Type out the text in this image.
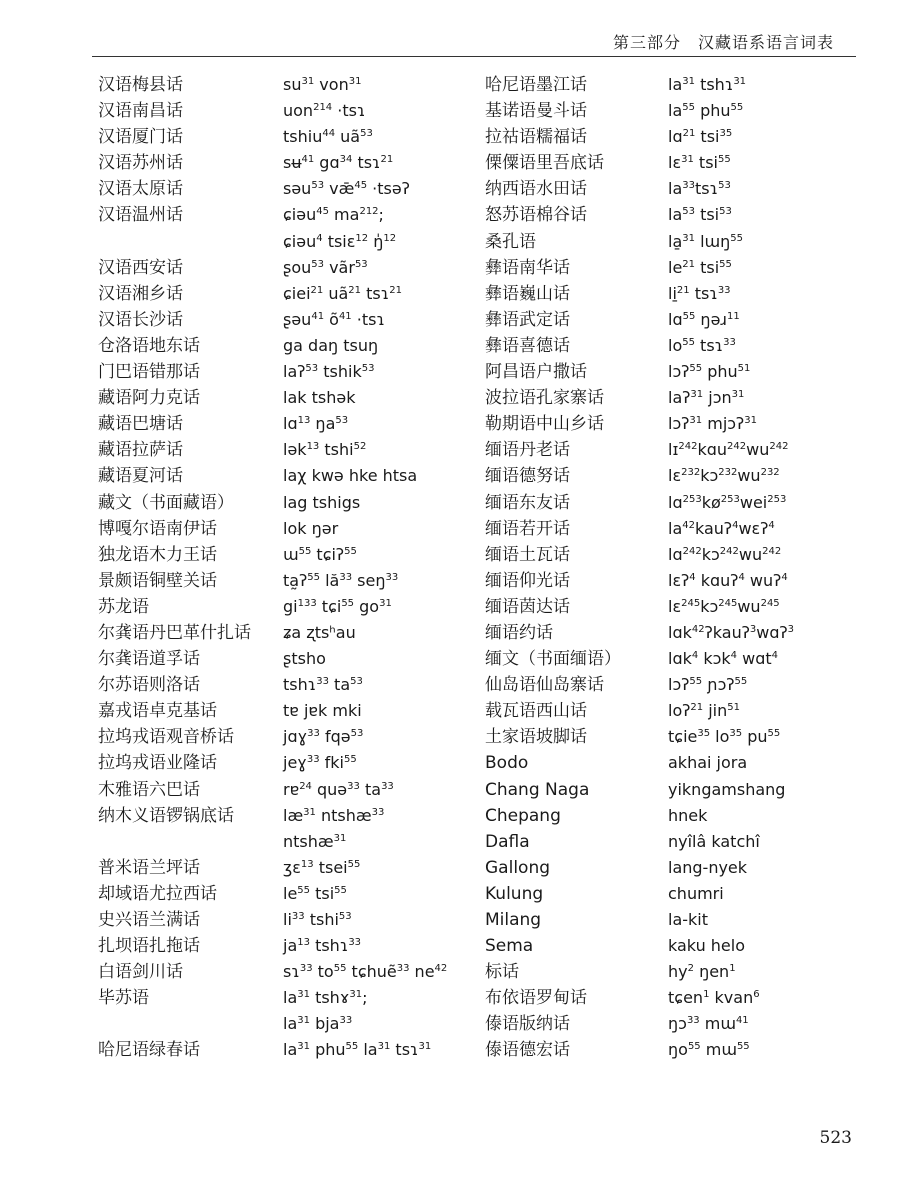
第三部分　汉藏语系语言词表
汉语梅县话
汉语南昌话
汉语厦门话
汉语苏州话
汉语太原话
汉语温州话
汉语西安话
汉语湘乡话
汉语长沙话
仓洛语地东话
门巴语错那话
藏语阿力克话
藏语巴塘话
藏语拉萨话
藏语夏河话
藏文（书面藏语）
博嘎尔语南伊话
独龙语木力王话
景颇语铜壁关话
苏龙语
尔龚语丹巴革什扎话
尔龚语道孚话
尔苏语则洛话
嘉戎语卓克基话
拉坞戎语观音桥话
拉坞戎语业隆话
木雅语六巴话
纳木义语锣锅底话
普米语兰坪话
却域语尤拉西话
史兴语兰满话
扎坝语扎拖话
白语剑川话
毕苏语
哈尼语绿春话
$su^{31}$ von$^{31}$
uon$^{214}$ ·tsɿ
tshiu$^{44}$ $uã^{53}$
sʉ$^{41}$ gɑ$^{34}$ tsɿ$^{21}$
səu$^{53}$ $vǣ^{45}$ ·tsəʔ
ɕiəu$^{45}$ $ma^{212}$;
ɕiəu$^4$ tsiɛ$^{12}$ ŋ̍$^{12}$
ʂou$^{53}$ vãr$^{53}$
ɕiei$^{21}$ $uã^{21}$ tsɿ$^{21}$
ʂəu$^{41}$ $õ^{41}$ ·tsɿ
ga daŋ tsuŋ
laʔ$^{53}$ tshik$^{53}$
lak tshək
lɑ$^{13}$ $ŋa^{53}$
lək$^{13}$ tshi$^{52}$
laχ kwə hke htsa
lag tshigs
lok ŋər
ɯ$^{55}$ tɕiʔ$^{55}$
ta̰ʔ$^{55}$ $lă^{33}$ seŋ$^{33}$
$gi^{133}$ tɕi$^{55}$ $go^{31}$
ʑa ʐtsʰau
ʂtsho
tshɿ$^{33}$ $ta^{53}$
tɐ jɐk mki
jɑɣ$^{33}$ fqə$^{53}$
jeɣ$^{33}$ fki$^{55}$
rɐ$^{24}$ quə$^{33}$ $ta^{33}$
$læ^{31}$ ntshæ$^{33}$
ntshæ$^{31}$
ʒɛ$^{13}$ tsei$^{55}$
$le^{55}$ tsi$^{55}$
$li^{33}$ tshi$^{53}$
$ja^{13}$ tshɿ$^{33}$
sɿ$^{33}$ $to^{55}$ tɕhuẽ$^{33}$ $ne^{42}$
$la^{31}$ tshɤ$^{31}$;
$la^{31}$ bja$^{33}$
$la^{31}$ phu$^{55}$ $la^{31}$ tsɿ$^{31}$
哈尼语墨江话
基诺语曼斗话
拉祜语糯福话
傈僳语里吾底话
纳西语水田话
怒苏语棉谷话
桑孔语
彝语南华话
彝语巍山话
彝语武定话
彝语喜德话
阿昌语户撒话
波拉语孔家寨话
勒期语中山乡话
缅语丹老话
缅语德努话
缅语东友话
缅语若开话
缅语土瓦话
缅语仰光话
缅语茵达话
缅语约话
缅文（书面缅语）
仙岛语仙岛寨话
载瓦语西山话
土家语坡脚话
Bodo
Chang Naga
Chepang
Dafla
Gallong
Kulung
Milang
Sema
标话
布依语罗甸话
傣语版纳话
傣语德宏话
$la^{31}$ tshɿ$^{31}$
$la^{55}$ phu$^{55}$
lɑ$^{21}$ tsi$^{35}$
lɛ$^{31}$ tsi$^{55}$
$la^{33}tsɿ^{53}$
$la^{53}$ tsi$^{53}$
la̱$^{31}$ lɯŋ$^{55}$
$le^{21}$ tsi$^{55}$
li̱$^{21}$ tsɿ$^{33}$
lɑ$^{55}$ ŋəɹ$^{11}$
$lo^{55}$ tsɿ$^{33}$
lɔʔ$^{55}$ phu$^{51}$
laʔ$^{31}$ jɔn$^{31}$
lɔʔ$^{31}$ mjɔʔ$^{31}$
$lɪ^{242}kɑu^{242}wu^{242}$
$lɛ^{232}kɔ^{232}wu^{232}$
$lɑ^{253}kø^{253}wei^{253}$
$la^{42}kauʔ^4wɛʔ^4$
$lɑ^{242}kɔ^{242}wu^{242}$
lɛʔ$^4$ kɑuʔ$^4$ wuʔ$^4$
$lɛ^{245}kɔ^{245}wu^{245}$
lɑk$^{42}$ʔkauʔ$^3$wɑʔ$^3$
lɑk$^4$ kɔk$^4$ wɑt$^4$
lɔʔ$^{55}$ ɲɔʔ$^{55}$
loʔ$^{21}$ jin$^{51}$
tɕie$^{35}$ $lo^{35}$ $pu^{55}$
akhai jora
yikngamshang
hnek
nyîlâ katchî
lang-nyek
chumri
la-kit
kaku helo
$hy^2$ ŋen$^1$
tɕen$^1$ kvan$^6$
ŋɔ$^{33}$ mɯ$^{41}$
$ŋo^{55}$ mɯ$^{55}$
523
